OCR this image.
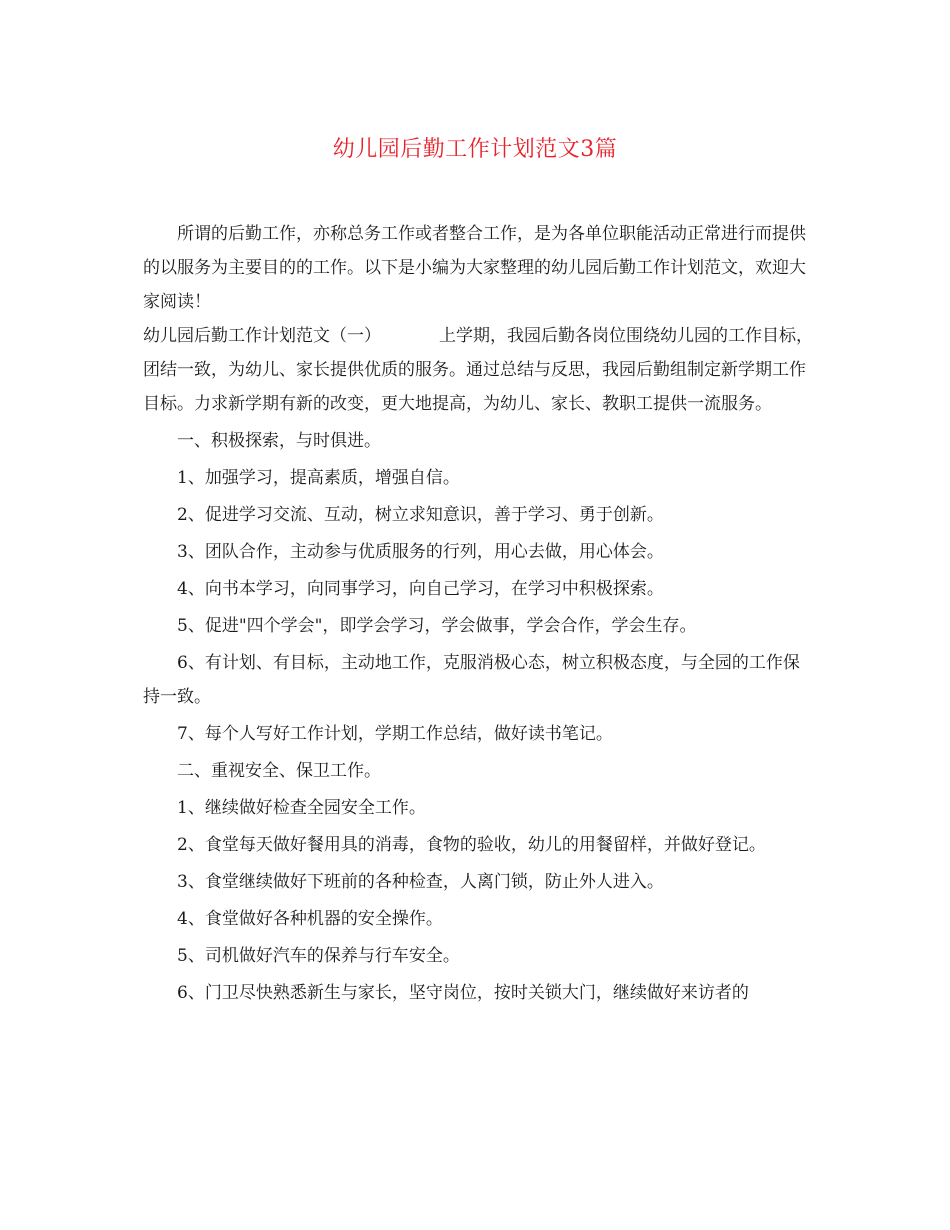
幼儿园后勤工作计划范文3篇

所谓的后勤工作，亦称总务工作或者整合工作，是为各单位职能活动正常进行而提供的以服务为主要目的的工作。以下是小编为大家整理的幼儿园后勤工作计划范文，欢迎大家阅读！

幼儿园后勤工作计划范文（一）	上学期，我园后勤各岗位围绕幼儿园的工作目标，团结一致，为幼儿、家长提供优质的服务。通过总结与反思，我园后勤组制定新学期工作目标。力求新学期有新的改变，更大地提高，为幼儿、家长、教职工提供一流服务。

一、积极探索，与时俱进。

1、加强学习，提高素质，增强自信。

2、促进学习交流、互动，树立求知意识，善于学习、勇于创新。

3、团队合作，主动参与优质服务的行列，用心去做，用心体会。

4、向书本学习，向同事学习，向自己学习，在学习中积极探索。

5、促进"四个学会"，即学会学习，学会做事，学会合作，学会生存。

6、有计划、有目标，主动地工作，克服消极心态，树立积极态度，与全园的工作保持一致。

7、每个人写好工作计划，学期工作总结，做好读书笔记。

二、重视安全、保卫工作。

1、继续做好检查全园安全工作。

2、食堂每天做好餐用具的消毒，食物的验收，幼儿的用餐留样，并做好登记。

3、食堂继续做好下班前的各种检查，人离门锁，防止外人进入。

4、食堂做好各种机器的安全操作。

5、司机做好汽车的保养与行车安全。

6、门卫尽快熟悉新生与家长，坚守岗位，按时关锁大门，继续做好来访者的
